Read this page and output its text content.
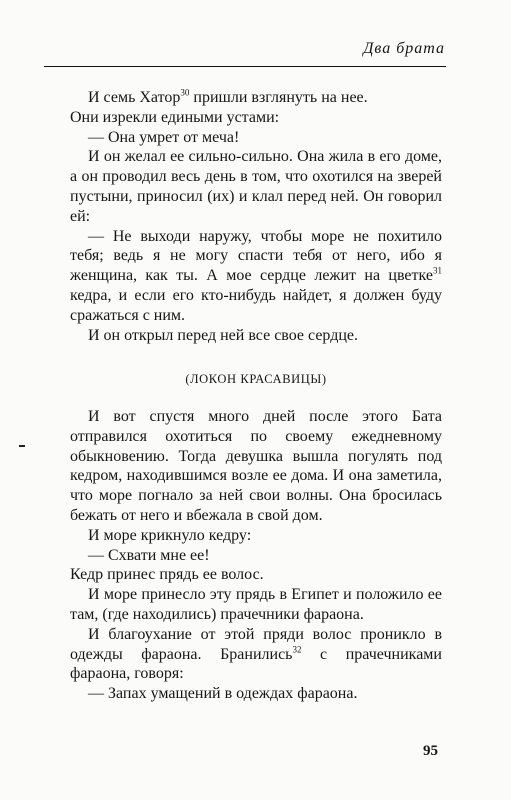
Два брата

И семь Хатор$^{30}$ пришли взглянуть на нее.

Они изрекли едиными устами:

— Она умрет от меча!

И он желал ее сильно-сильно. Она жила в его доме, а он проводил весь день в том, что охотился на зверей пустыни, приносил (их) и клал перед ней. Он говорил ей:

— Не выходи наружу, чтобы море не похитило тебя; ведь я не могу спасти тебя от него, ибо я женщина, как ты. А мое сердце лежит на цветке$^{31}$ кедра, и если его кто-нибудь найдет, я должен буду сражаться с ним.

И он открыл перед ней все свое сердце.

(ЛОКОН КРАСАВИЦЫ)

И вот спустя много дней после этого Бата отправился охотиться по своему ежедневному обыкновению. Тогда девушка вышла погулять под кедром, находившимся возле ее дома. И она заметила, что море погнало за ней свои волны. Она бросилась бежать от него и вбежала в свой дом.

И море крикнуло кедру:

— Схвати мне ее!

Кедр принес прядь ее волос.

И море принесло эту прядь в Египет и положило ее там, (где находились) прачечники фараона.

И благоухание от этой пряди волос проникло в одежды фараона. Бранились$^{32}$ с прачечниками фараона, говоря:

— Запах умащений в одеждах фараона.

95
